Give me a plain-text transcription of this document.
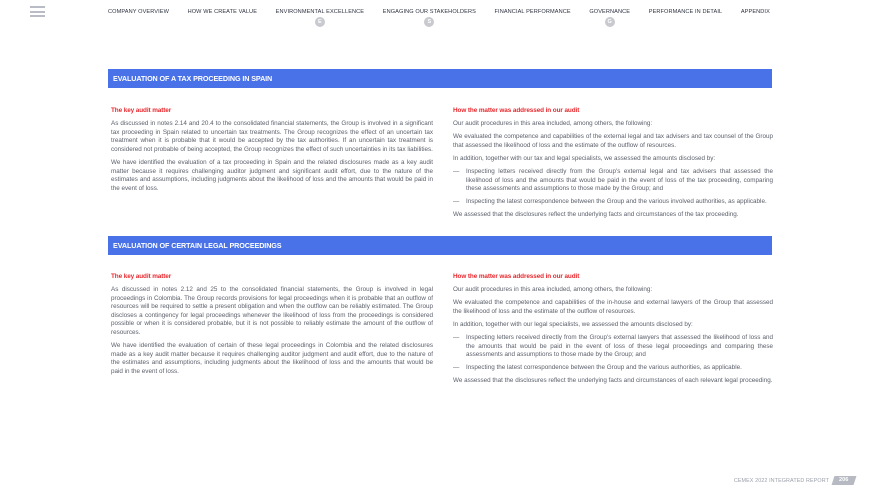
COMPANY OVERVIEW	HOW WE CREATE VALUE	ENVIRONMENTAL EXCELLENCE
E
ENGAGING OUR STAKEHOLDERS
S
FINANCIAL PERFORMANCE	GOVERNANCE
G
PERFORMANCE IN DETAIL	APPENDIX
EVALUATION OF A TAX PROCEEDING IN SPAIN

The key audit matter

As discussed in notes 2.14 and 20.4 to the consolidated financial statements, the Group is involved in a significant tax proceeding in Spain related to uncertain tax treatments. The Group recognizes the effect of an uncertain tax treatment when it is probable that it would be accepted by the tax authorities. If an uncertain tax treatment is considered not probable of being accepted, the Group recognizes the effect of such uncertainties in its tax liabilities.

We have identified the evaluation of a tax proceeding in Spain and the related disclosures made as a key audit matter because it requires challenging auditor judgment and significant audit effort, due to the nature of the estimates and assumptions, including judgments about the likelihood of loss and the amounts that would be paid in the event of loss.

How the matter was addressed in our audit

Our audit procedures in this area included, among others, the following:

We evaluated the competence and capabilities of the external legal and tax advisers and tax counsel of the Group that assessed the likelihood of loss and the estimate of the outflow of resources.

In addition, together with our tax and legal specialists, we assessed the amounts disclosed by:

—	Inspecting letters received directly from the Group's external legal and tax advisers that assessed the likelihood of loss and the amounts that would be paid in the event of loss of the tax proceeding, comparing these assessments and assumptions to those made by the Group; and
—	Inspecting the latest correspondence between the Group and the various involved authorities, as applicable.

We assessed that the disclosures reflect the underlying facts and circumstances of the tax proceeding.

EVALUATION OF CERTAIN LEGAL PROCEEDINGS

The key audit matter

As discussed in notes 2.12 and 25 to the consolidated financial statements, the Group is involved in legal proceedings in Colombia. The Group records provisions for legal proceedings when it is probable that an outflow of resources will be required to settle a present obligation and when the outflow can be reliably estimated. The Group discloses a contingency for legal proceedings whenever the likelihood of loss from the proceedings is considered possible or when it is considered probable, but it is not possible to reliably estimate the amount of the outflow of resources.

We have identified the evaluation of certain of these legal proceedings in Colombia and the related disclosures made as a key audit matter because it requires challenging auditor judgment and audit effort, due to the nature of the estimates and assumptions, including judgments about the likelihood of loss and the amounts that would be paid in the event of loss.

How the matter was addressed in our audit

Our audit procedures in this area included, among others, the following:

We evaluated the competence and capabilities of the in-house and external lawyers of the Group that assessed the likelihood of loss and the estimate of the outflow of resources.

In addition, together with our legal specialists, we assessed the amounts disclosed by:

—	Inspecting letters received directly from the Group's external lawyers that assessed the likelihood of loss and the amounts that would be paid in the event of loss of these legal proceedings and comparing these assessments and assumptions to those made by the Group; and
—	Inspecting the latest correspondence between the Group and the various authorities, as applicable.

We assessed that the disclosures reflect the underlying facts and circumstances of each relevant legal proceeding.

CEMEX 2022 INTEGRATED REPORT	206
